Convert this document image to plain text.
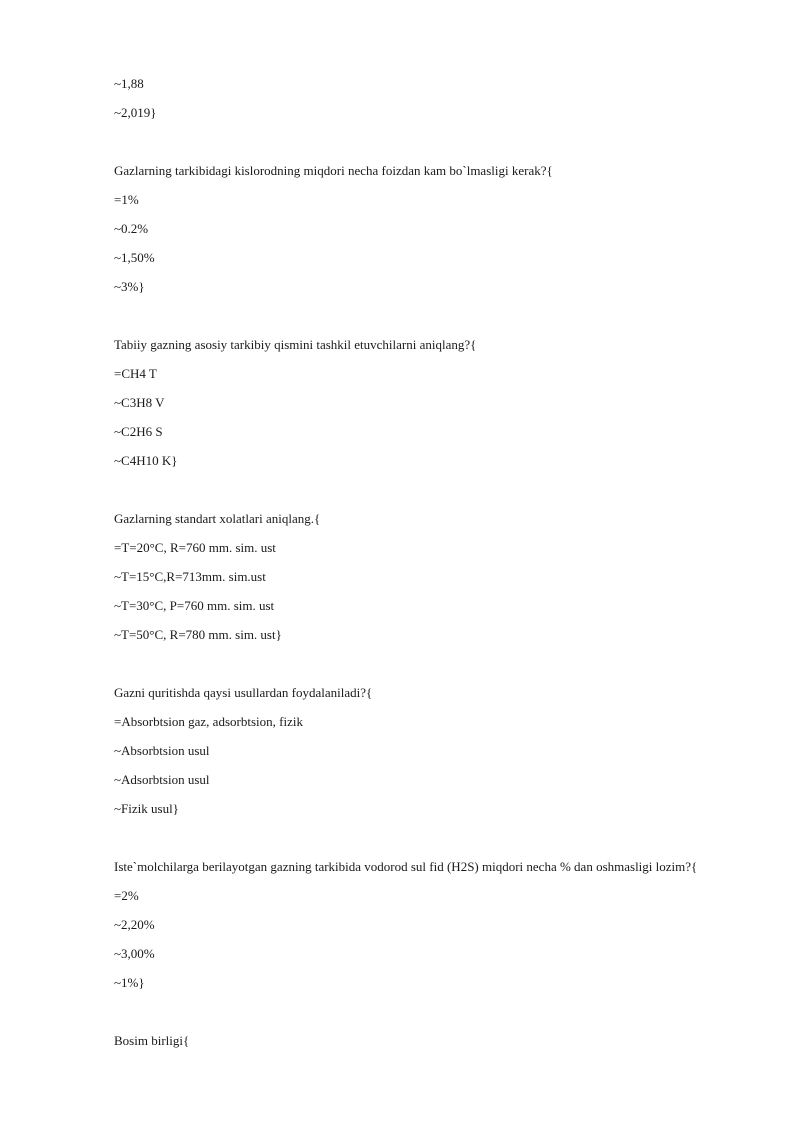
~1,88
~2,019}
Gazlarning tarkibidagi kislorodning miqdori necha foizdan kam bo`lmasligi kerak?{
=1%
~0.2%
~1,50%
~3%}
Tabiiy gazning asosiy tarkibiy qismini tashkil etuvchilarni aniqlang?{
=CH4 T
~C3H8 V
~C2H6 S
~C4H10 K}
Gazlarning standart xolatlari aniqlang.{
=T=20°C, R=760 mm. sim. ust
~T=15°C,R=713mm. sim.ust
~T=30°C, P=760 mm. sim. ust
~T=50°C, R=780 mm. sim. ust}
Gazni quritishda qaysi usullardan foydalaniladi?{
=Absorbtsion gaz, adsorbtsion, fizik
~Absorbtsion usul
~Adsorbtsion usul
~Fizik usul}
Iste`molchilarga berilayotgan gazning tarkibida vodorod sul fid (H2S) miqdori necha % dan oshmasligi lozim?{
=2%
~2,20%
~3,00%
~1%}
Bosim birligi{
